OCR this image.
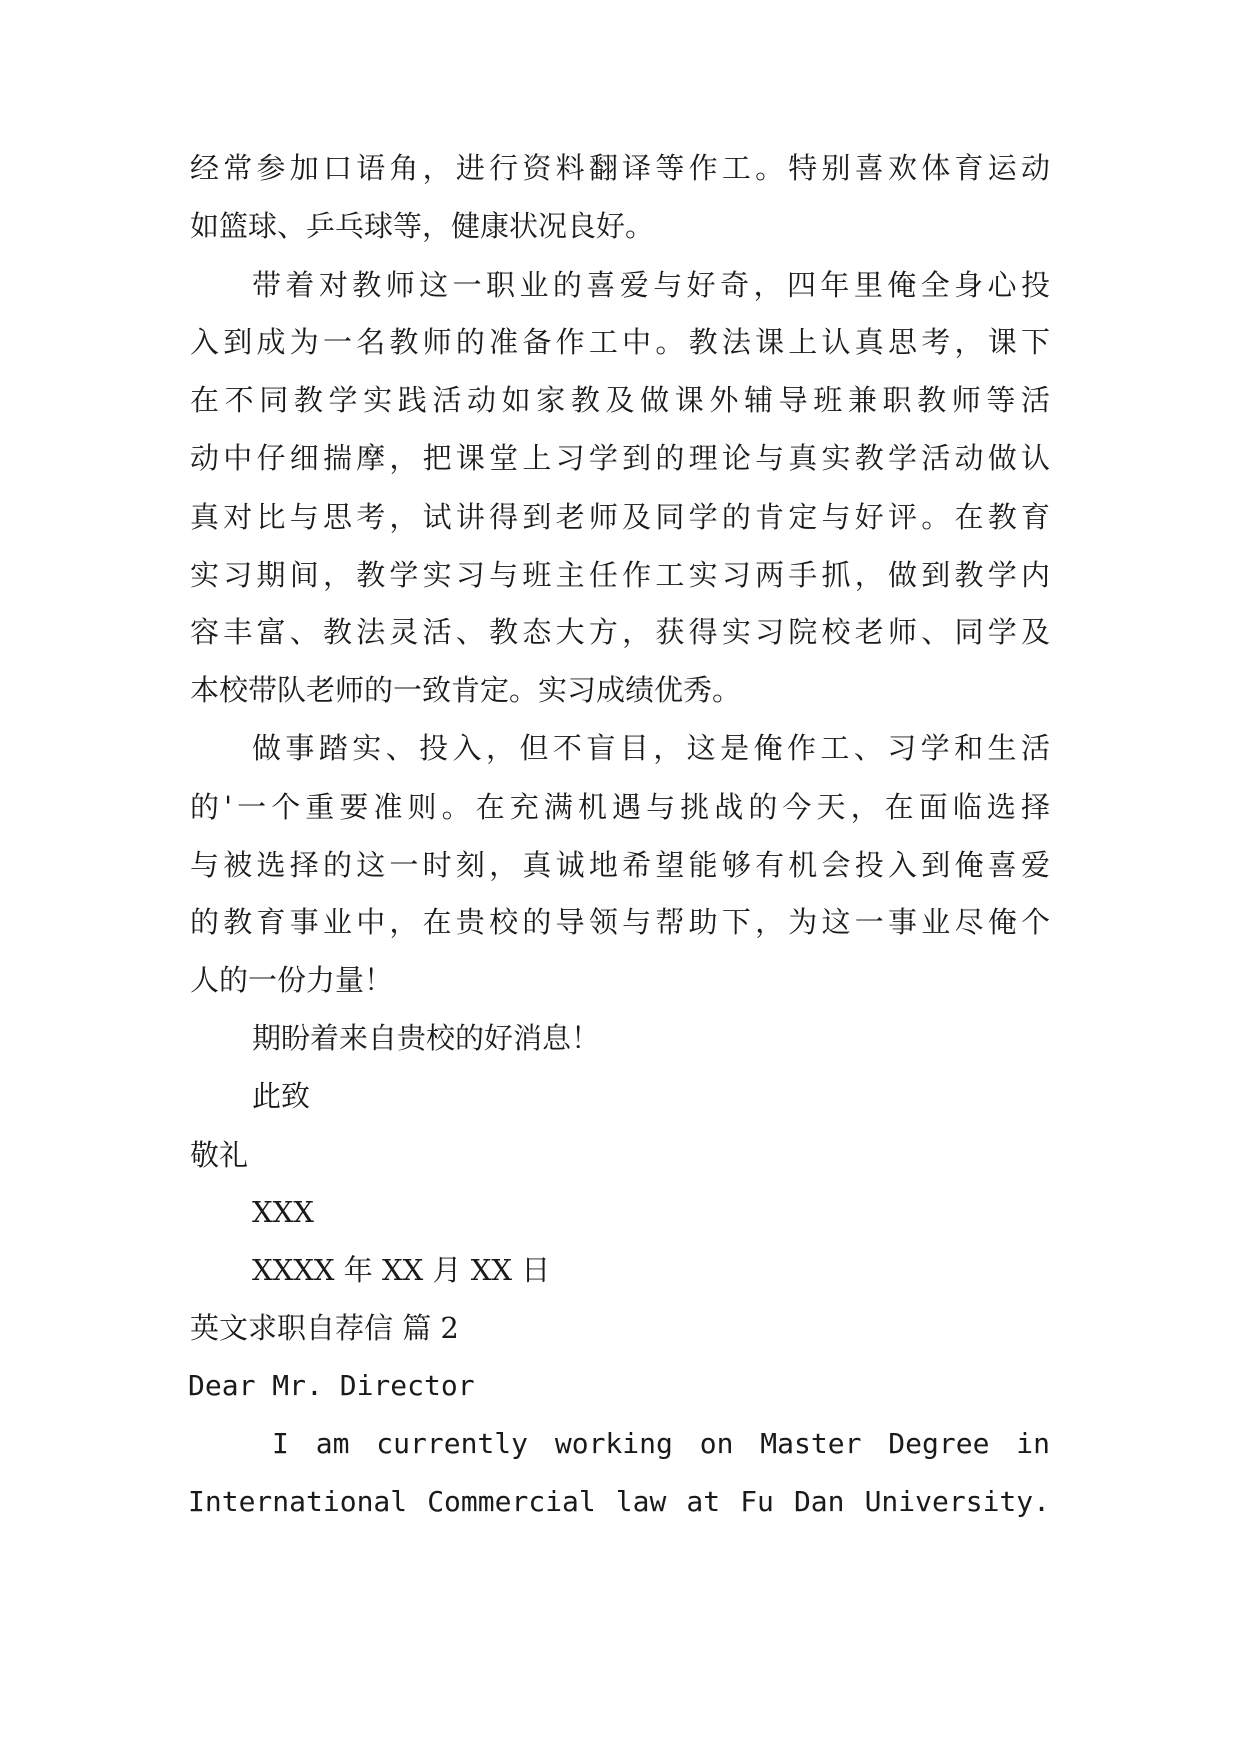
经常参加口语角，进行资料翻译等作工。特别喜欢体育运动

如篮球、乒乓球等，健康状况良好。

带着对教师这一职业的喜爱与好奇，四年里俺全身心投

入到成为一名教师的准备作工中。教法课上认真思考，课下

在不同教学实践活动如家教及做课外辅导班兼职教师等活

动中仔细揣摩，把课堂上习学到的理论与真实教学活动做认

真对比与思考，试讲得到老师及同学的肯定与好评。在教育

实习期间，教学实习与班主任作工实习两手抓，做到教学内

容丰富、教法灵活、教态大方，获得实习院校老师、同学及

本校带队老师的一致肯定。实习成绩优秀。

做事踏实、投入，但不盲目，这是俺作工、习学和生活

的'一个重要准则。在充满机遇与挑战的今天，在面临选择

与被选择的这一时刻，真诚地希望能够有机会投入到俺喜爱

的教育事业中，在贵校的导领与帮助下，为这一事业尽俺个

人的一份力量！

期盼着来自贵校的好消息！

此致

敬礼

XXX

XXXX 年 XX 月 XX 日

英文求职自荐信 篇 2

Dear Mr. Director

I am currently working on Master Degree in

International Commercial law at Fu Dan University.
